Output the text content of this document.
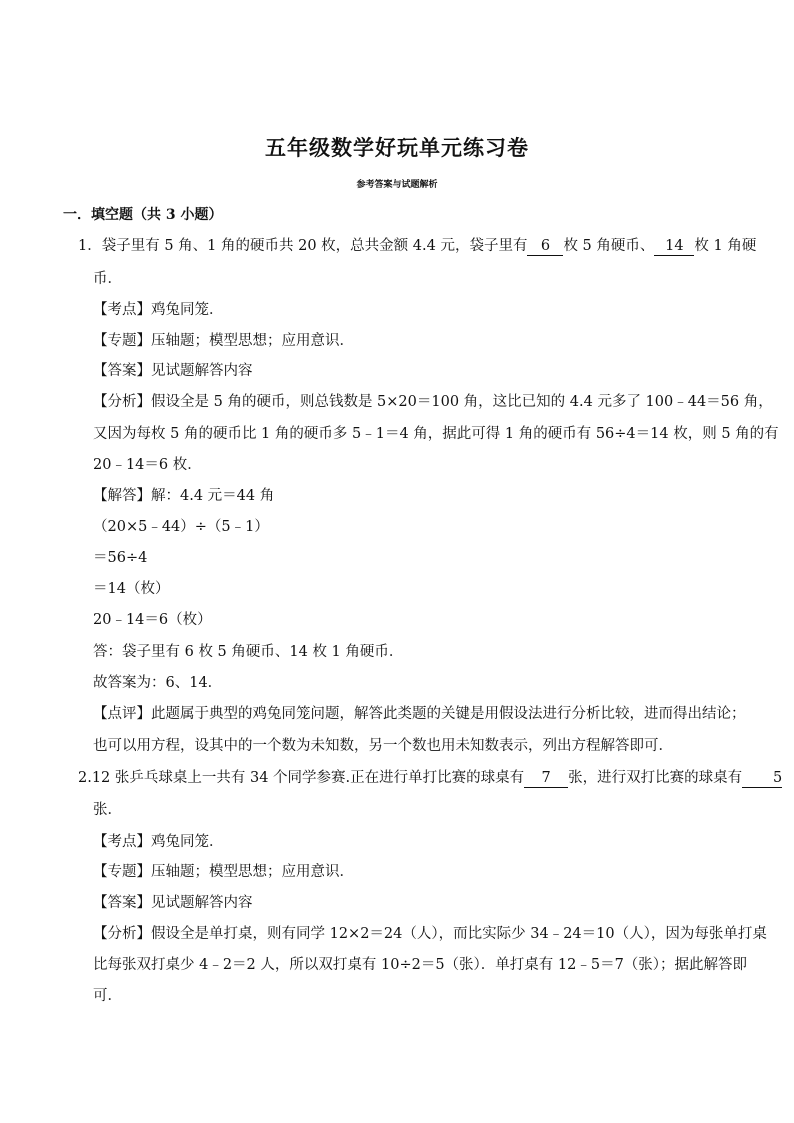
五年级数学好玩单元练习卷
参考答案与试题解析
一．填空题（共 3 小题）
1．袋子里有 5 角、1 角的硬币共 20 枚，总共金额 4.4 元，袋子里有 6 枚 5 角硬币、 14 枚 1 角硬
币．
【考点】鸡兔同笼．
【专题】压轴题；模型思想；应用意识．
【答案】见试题解答内容
【分析】假设全是 5 角的硬币，则总钱数是 5×20＝100 角，这比已知的 4.4 元多了 100﹣44＝56 角，
又因为每枚 5 角的硬币比 1 角的硬币多 5﹣1＝4 角，据此可得 1 角的硬币有 56÷4＝14 枚，则 5 角的有
20﹣14＝6 枚．
【解答】解：4.4 元＝44 角
（20×5﹣44）÷（5﹣1）
＝56÷4
＝14（枚）
20﹣14＝6（枚）
答：袋子里有 6 枚 5 角硬币、14 枚 1 角硬币．
故答案为：6、14．
【点评】此题属于典型的鸡兔同笼问题，解答此类题的关键是用假设法进行分析比较，进而得出结论；
也可以用方程，设其中的一个数为未知数，另一个数也用未知数表示，列出方程解答即可．
2.12 张乒乓球桌上一共有 34 个同学参赛.正在进行单打比赛的球桌有 7 张，进行双打比赛的球桌有 5
张．
【考点】鸡兔同笼．
【专题】压轴题；模型思想；应用意识．
【答案】见试题解答内容
【分析】假设全是单打桌，则有同学 12×2＝24（人），而比实际少 34﹣24＝10（人），因为每张单打桌
比每张双打桌少 4﹣2＝2 人，所以双打桌有 10÷2＝5（张）．单打桌有 12﹣5＝7（张）；据此解答即
可．
